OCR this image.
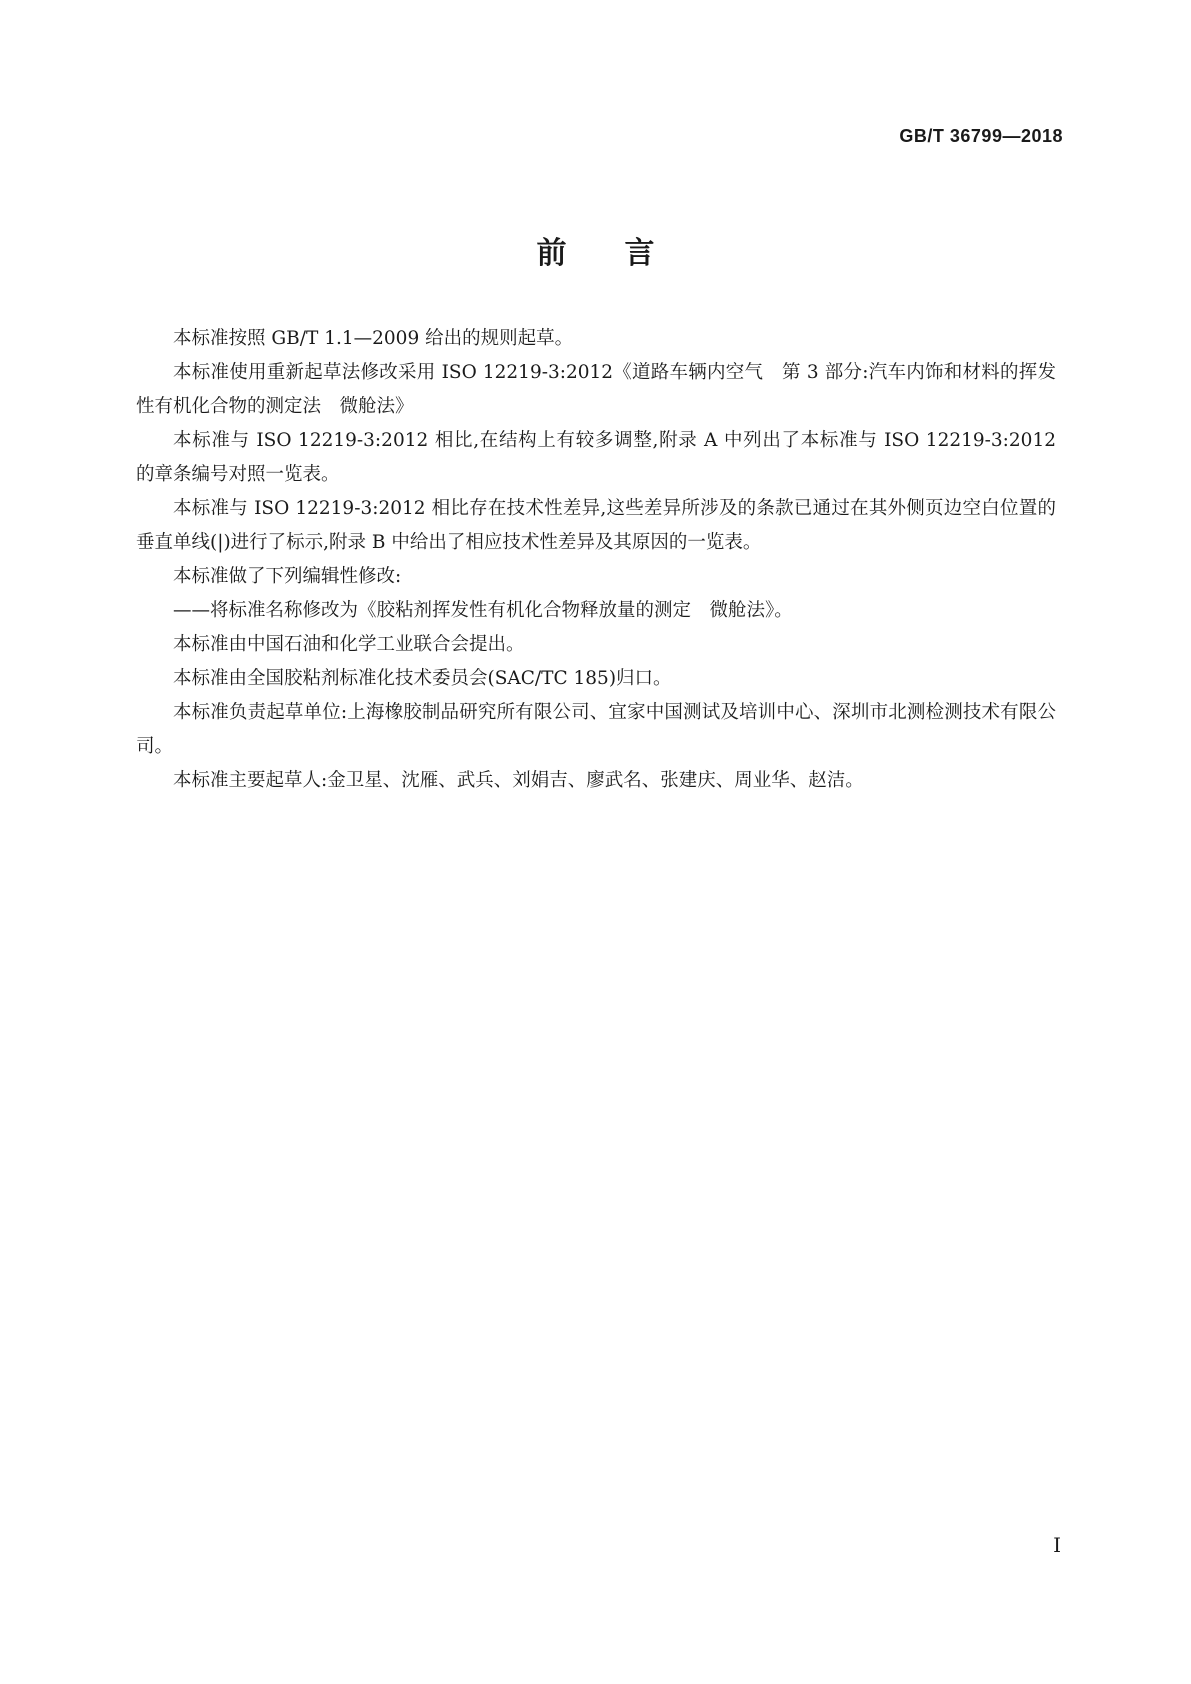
GB/T 36799—2018
前言

本标准按照 GB/T 1.1—2009 给出的规则起草。

本标准使用重新起草法修改采用 ISO 12219-3:2012《道路车辆内空气　第 3 部分:汽车内饰和材料的挥发性有机化合物的测定法　微舱法》

本标准与 ISO 12219-3:2012 相比,在结构上有较多调整,附录 A 中列出了本标准与 ISO 12219-3:2012 的章条编号对照一览表。

本标准与 ISO 12219-3:2012 相比存在技术性差异,这些差异所涉及的条款已通过在其外侧页边空白位置的垂直单线(|)进行了标示,附录 B 中给出了相应技术性差异及其原因的一览表。

本标准做了下列编辑性修改:

——将标准名称修改为《胶粘剂挥发性有机化合物释放量的测定　微舱法》。

本标准由中国石油和化学工业联合会提出。

本标准由全国胶粘剂标准化技术委员会(SAC/TC 185)归口。

本标准负责起草单位:上海橡胶制品研究所有限公司、宜家中国测试及培训中心、深圳市北测检测技术有限公司。

本标准主要起草人:金卫星、沈雁、武兵、刘娟吉、廖武名、张建庆、周业华、赵洁。

I
